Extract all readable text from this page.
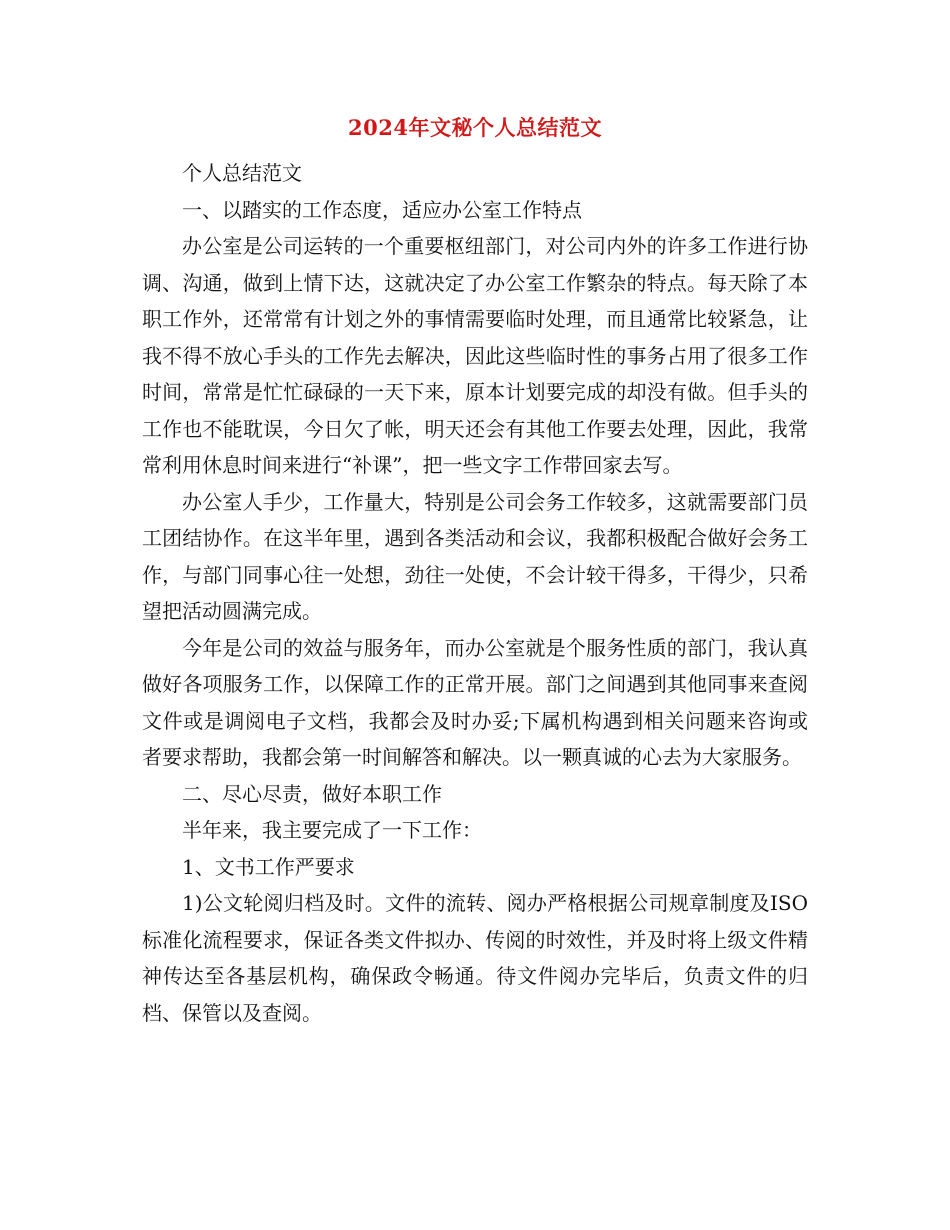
2024年文秘个人总结范文

个人总结范文

一、以踏实的工作态度，适应办公室工作特点

办公室是公司运转的一个重要枢纽部门，对公司内外的许多工作进行协调、沟通，做到上情下达，这就决定了办公室工作繁杂的特点。每天除了本职工作外，还常常有计划之外的事情需要临时处理，而且通常比较紧急，让我不得不放心手头的工作先去解决，因此这些临时性的事务占用了很多工作时间，常常是忙忙碌碌的一天下来，原本计划要完成的却没有做。但手头的工作也不能耽误，今日欠了帐，明天还会有其他工作要去处理，因此，我常常利用休息时间来进行“补课”，把一些文字工作带回家去写。

办公室人手少，工作量大，特别是公司会务工作较多，这就需要部门员工团结协作。在这半年里，遇到各类活动和会议，我都积极配合做好会务工作，与部门同事心往一处想，劲往一处使，不会计较干得多，干得少，只希望把活动圆满完成。

今年是公司的效益与服务年，而办公室就是个服务性质的部门，我认真做好各项服务工作，以保障工作的正常开展。部门之间遇到其他同事来查阅文件或是调阅电子文档，我都会及时办妥;下属机构遇到相关问题来咨询或者要求帮助，我都会第一时间解答和解决。以一颗真诚的心去为大家服务。

二、尽心尽责，做好本职工作

半年来，我主要完成了一下工作：

1、文书工作严要求

1)公文轮阅归档及时。文件的流转、阅办严格根据公司规章制度及ISO标准化流程要求，保证各类文件拟办、传阅的时效性，并及时将上级文件精神传达至各基层机构，确保政令畅通。待文件阅办完毕后，负责文件的归档、保管以及查阅。
